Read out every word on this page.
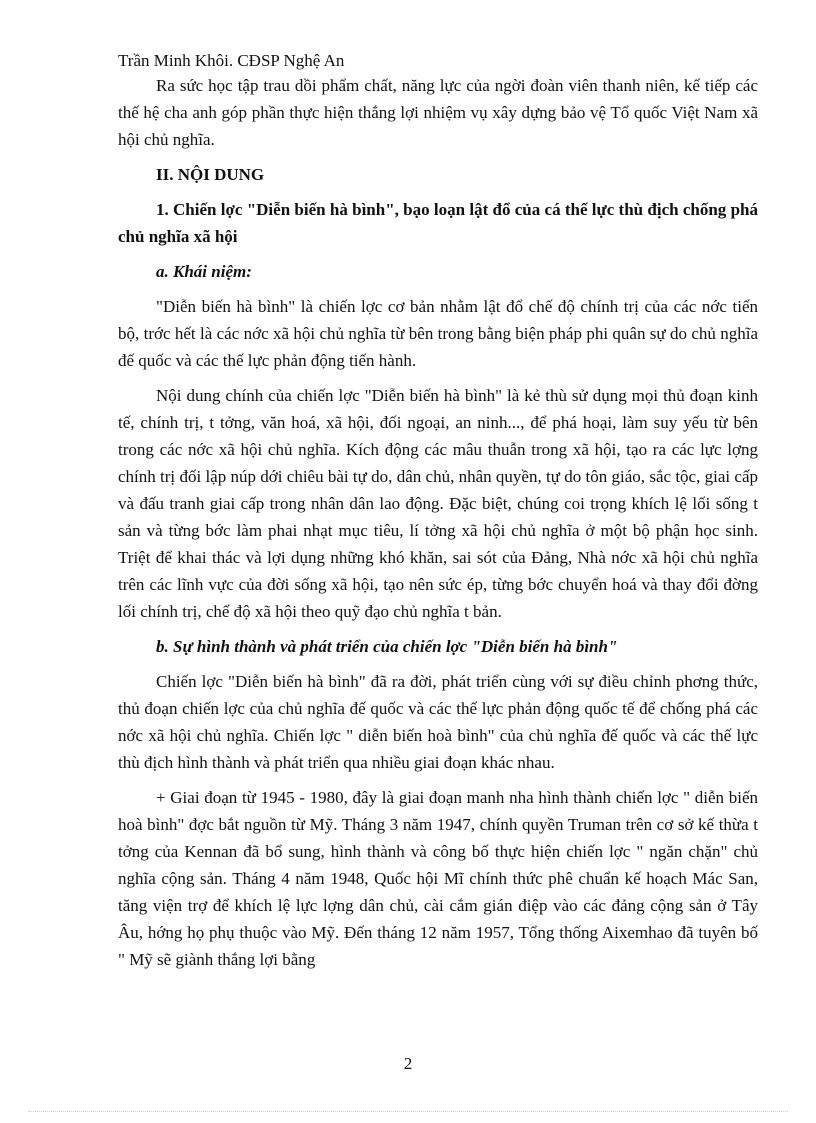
Trần Minh Khôi. CĐSP Nghệ An

Ra sức học tập trau dồi phẩm chất, năng lực của ngời đoàn viên thanh niên, kế tiếp các thế hệ cha anh góp phần thực hiện thắng lợi nhiệm vụ xây dựng bảo vệ Tổ quốc Việt Nam xã hội chủ nghĩa.

II. NỘI DUNG

1. Chiến lợc "Diễn biến hà bình", bạo loạn lật đổ của cá thế lực thù địch chống phá chủ nghĩa xã hội

a. Khái niệm:

"Diễn biến hà bình" là chiến lợc cơ bản nhằm lật đổ chế độ chính trị của các nớc tiến bộ, trớc hết là các nớc xã hội chủ nghĩa từ bên trong bằng biện pháp phi quân sự do chủ nghĩa đế quốc và các thế lực phản động tiến hành.

Nội dung chính của chiến lợc "Diễn biến hà bình" là kẻ thù sử dụng mọi thủ đoạn kinh tế, chính trị, t tởng, văn hoá, xã hội, đối ngoại, an ninh..., để phá hoại, làm suy yếu từ bên trong các nớc xã hội chủ nghĩa. Kích động các mâu thuẫn trong xã hội, tạo ra các lực lợng chính trị đối lập núp dới chiêu bài tự do, dân chủ, nhân quyền, tự do tôn giáo, sắc tộc, giai cấp và đấu tranh giai cấp trong nhân dân lao động. Đặc biệt, chúng coi trọng khích lệ lối sống t sản và từng bớc làm phai nhạt mục tiêu, lí tởng xã hội chủ nghĩa ở một bộ phận học sinh. Triệt để khai thác và lợi dụng những khó khăn, sai sót của Đảng, Nhà nớc xã hội chủ nghĩa trên các lĩnh vực của đời sống xã hội, tạo nên sức ép, từng bớc chuyển hoá và thay đổi đờng lối chính trị, chế độ xã hội theo quỹ đạo chủ nghĩa t bản.

b. Sự hình thành và phát triển của chiến lợc "Diễn biến hà bình"

Chiến lợc "Diễn biến hà bình" đã ra đời, phát triển cùng với sự điều chỉnh phơng thức, thủ đoạn chiến lợc của chủ nghĩa đế quốc và các thế lực phản động quốc tế để chống phá các nớc xã hội chủ nghĩa. Chiến lợc " diễn biến hoà bình" của chủ nghĩa đế quốc và các thế lực thù địch hình thành và phát triển qua nhiều giai đoạn khác nhau.

+ Giai đoạn từ 1945 - 1980, đây là giai đoạn manh nha hình thành chiến lợc " diễn biến hoà bình" đợc bắt nguồn từ Mỹ. Tháng 3 năm 1947, chính quyền Truman trên cơ sở kế thừa t tởng của Kennan đã bổ sung, hình thành và công bố thực hiện chiến lợc " ngăn chặn" chủ nghĩa cộng sản. Tháng 4 năm 1948, Quốc hội Mĩ chính thức phê chuẩn kế hoạch Mác San, tăng viện trợ để khích lệ lực lợng dân chủ, cài cắm gián điệp vào các đảng cộng sản ở Tây Âu, hớng họ phụ thuộc vào Mỹ. Đến tháng 12 năm 1957, Tổng thống Aixemhao đã tuyên bố " Mỹ sẽ giành thắng lợi bằng

2
